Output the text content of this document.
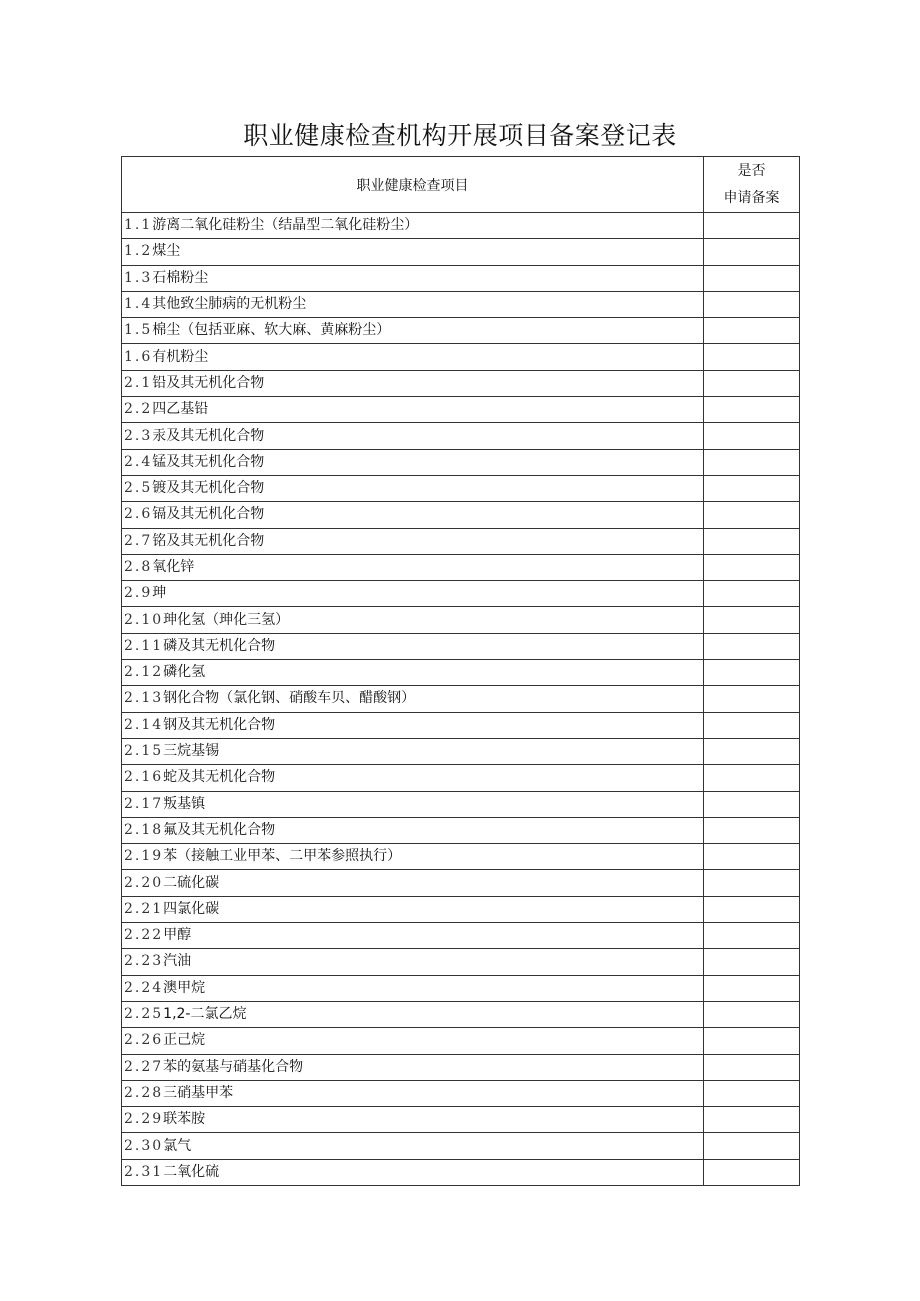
职业健康检查机构开展项目备案登记表
职业健康检查项目	是否
申请备案

1.1游离二氧化硅粉尘（结晶型二氧化硅粉尘）	
1.2煤尘	
1.3石棉粉尘	
1.4其他致尘肺病的无机粉尘	
1.5棉尘（包括亚麻、软大麻、黄麻粉尘）	
1.6有机粉尘	
2.1铅及其无机化合物	
2.2四乙基铅	
2.3汞及其无机化合物	
2.4锰及其无机化合物	
2.5镀及其无机化合物	
2.6镉及其无机化合物	
2.7铭及其无机化合物	
2.8氧化锌	
2.9珅	
2.10珅化氢（珅化三氢）	
2.11磷及其无机化合物	
2.12磷化氢	
2.13钢化合物（氯化钢、硝酸车贝、醋酸钢）	
2.14钢及其无机化合物	
2.15三烷基锡	
2.16蛇及其无机化合物	
2.17叛基镇	
2.18氟及其无机化合物	
2.19苯（接触工业甲苯、二甲苯参照执行）	
2.20二硫化碳	
2.21四氯化碳	
2.22甲醇	
2.23汽油	
2.24澳甲烷	
2.251,2-二氯乙烷	
2.26正己烷	
2.27苯的氨基与硝基化合物	
2.28三硝基甲苯	
2.29联苯胺	
2.30氯气	
2.31二氧化硫	
